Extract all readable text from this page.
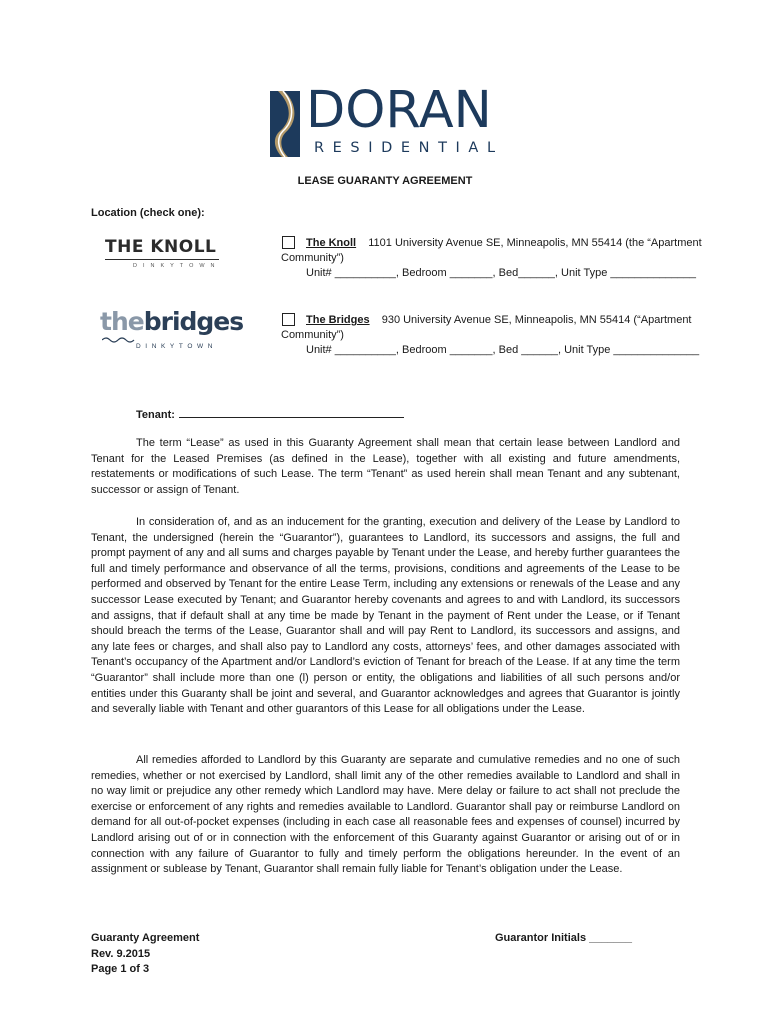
DORAN
RESIDENTIAL
LEASE GUARANTY AGREEMENT
Location (check one):
THE KNOLL
DINKYTOWN
The Knoll 1101 University Avenue SE, Minneapolis, MN 55414 (the “Apartment
Community”)
Unit# __________, Bedroom _______, Bed______, Unit Type ______________
thebridges
DINKYTOWN
The Bridges 930 University Avenue SE, Minneapolis, MN 55414 (“Apartment
Community”)
Unit# __________, Bedroom _______, Bed ______, Unit Type ______________
Tenant:
The term “Lease” as used in this Guaranty Agreement shall mean that certain lease between Landlord and Tenant for the Leased Premises (as defined in the Lease), together with all existing and future amendments, restatements or modifications of such Lease. The term “Tenant” as used herein shall mean Tenant and any subtenant, successor or assign of Tenant.
In consideration of, and as an inducement for the granting, execution and delivery of the Lease by Landlord to Tenant, the undersigned (herein the “Guarantor”), guarantees to Landlord, its successors and assigns, the full and prompt payment of any and all sums and charges payable by Tenant under the Lease, and hereby further guarantees the full and timely performance and observance of all the terms, provisions, conditions and agreements of the Lease to be performed and observed by Tenant for the entire Lease Term, including any extensions or renewals of the Lease and any successor Lease executed by Tenant; and Guarantor hereby covenants and agrees to and with Landlord, its successors and assigns, that if default shall at any time be made by Tenant in the payment of Rent under the Lease, or if Tenant should breach the terms of the Lease, Guarantor shall and will pay Rent to Landlord, its successors and assigns, and any late fees or charges, and shall also pay to Landlord any costs, attorneys’ fees, and other damages associated with Tenant’s occupancy of the Apartment and/or Landlord’s eviction of Tenant for breach of the Lease. If at any time the term “Guarantor” shall include more than one (l) person or entity, the obligations and liabilities of all such persons and/or entities under this Guaranty shall be joint and several, and Guarantor acknowledges and agrees that Guarantor is jointly and severally liable with Tenant and other guarantors of this Lease for all obligations under the Lease.
All remedies afforded to Landlord by this Guaranty are separate and cumulative remedies and no one of such remedies, whether or not exercised by Landlord, shall limit any of the other remedies available to Landlord and shall in no way limit or prejudice any other remedy which Landlord may have. Mere delay or failure to act shall not preclude the exercise or enforcement of any rights and remedies available to Landlord. Guarantor shall pay or reimburse Landlord on demand for all out-of-pocket expenses (including in each case all reasonable fees and expenses of counsel) incurred by Landlord arising out of or in connection with the enforcement of this Guaranty against Guarantor or arising out of or in connection with any failure of Guarantor to fully and timely perform the obligations hereunder. In the event of an assignment or sublease by Tenant, Guarantor shall remain fully liable for Tenant’s obligation under the Lease.
Guaranty Agreement
Rev. 9.2015
Page 1 of 3
Guarantor Initials _______
